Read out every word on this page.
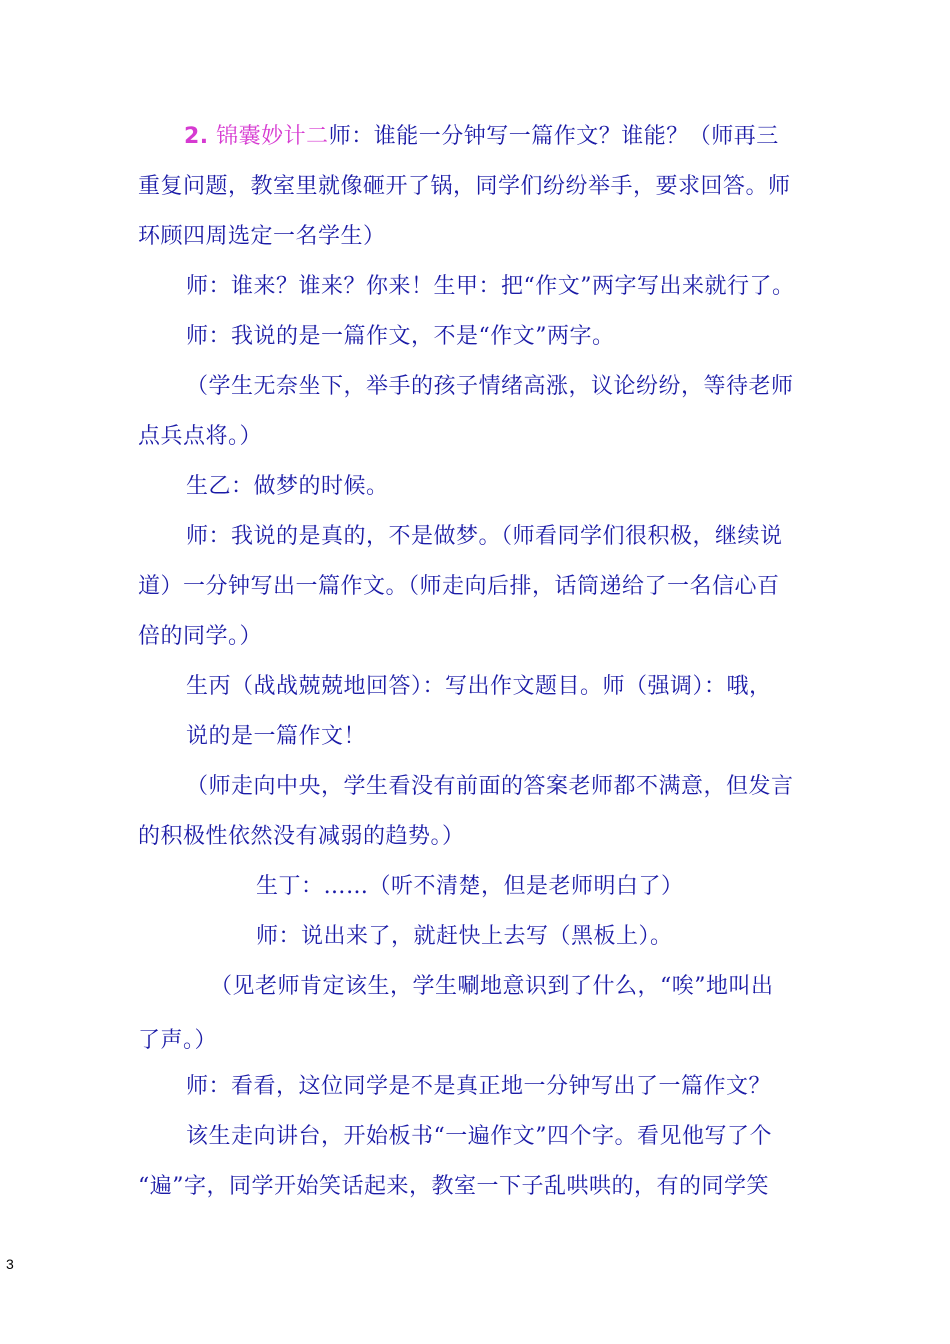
2. 锦囊妙计二师：谁能一分钟写一篇作文？谁能？（师再三
重复问题，教室里就像砸开了锅，同学们纷纷举手，要求回答。师
环顾四周选定一名学生）
师：谁来？谁来？你来！生甲：把“作文”两字写出来就行了。
师：我说的是一篇作文，不是“作文”两字。
（学生无奈坐下，举手的孩子情绪高涨，议论纷纷，等待老师
点兵点将。）
生乙：做梦的时候。
师：我说的是真的，不是做梦。（师看同学们很积极，继续说
道）一分钟写出一篇作文。（师走向后排，话筒递给了一名信心百
倍的同学。）
生丙（战战兢兢地回答）：写出作文题目。师（强调）：哦，
说的是一篇作文！
（师走向中央，学生看没有前面的答案老师都不满意，但发言
的积极性依然没有减弱的趋势。）
生丁：……（听不清楚，但是老师明白了）
师：说出来了，就赶快上去写（黑板上）。
（见老师肯定该生，学生唰地意识到了什么，“唉”地叫出
了声。）
师：看看，这位同学是不是真正地一分钟写出了一篇作文？
该生走向讲台，开始板书“一遍作文”四个字。看见他写了个
“遍”字，同学开始笑话起来，教室一下子乱哄哄的，有的同学笑
3
